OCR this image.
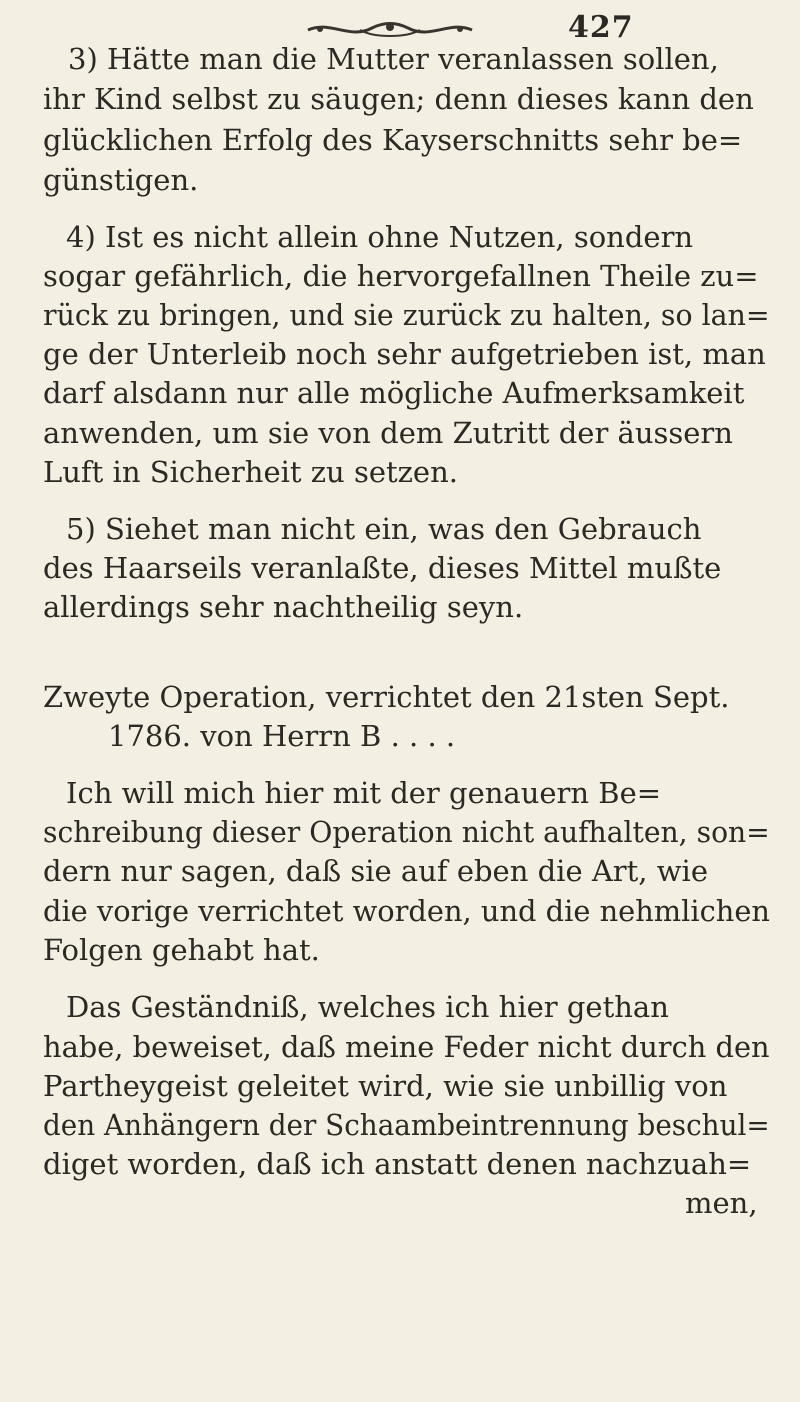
427
3) Hätte man die Mutter veranlassen sollen,
ihr Kind selbst zu säugen; denn dieses kann den
glücklichen Erfolg des Kayserschnitts sehr be=
günstigen.
4) Ist es nicht allein ohne Nutzen, sondern
sogar gefährlich, die hervorgefallnen Theile zu=
rück zu bringen, und sie zurück zu halten, so lan=
ge der Unterleib noch sehr aufgetrieben ist, man
darf alsdann nur alle mögliche Aufmerksamkeit
anwenden, um sie von dem Zutritt der äussern
Luft in Sicherheit zu setzen.
5) Siehet man nicht ein, was den Gebrauch
des Haarseils veranlaßte, dieses Mittel mußte
allerdings sehr nachtheilig seyn.
Zweyte Operation, verrichtet den 21sten Sept.
1786. von Herrn B . . . .
Ich will mich hier mit der genauern Be=
schreibung dieser Operation nicht aufhalten, son=
dern nur sagen, daß sie auf eben die Art, wie
die vorige verrichtet worden, und die nehmlichen
Folgen gehabt hat.
Das Geständniß, welches ich hier gethan
habe, beweiset, daß meine Feder nicht durch den
Partheygeist geleitet wird, wie sie unbillig von
den Anhängern der Schaambeintrennung beschul=
diget worden, daß ich anstatt denen nachzuah=
men,
